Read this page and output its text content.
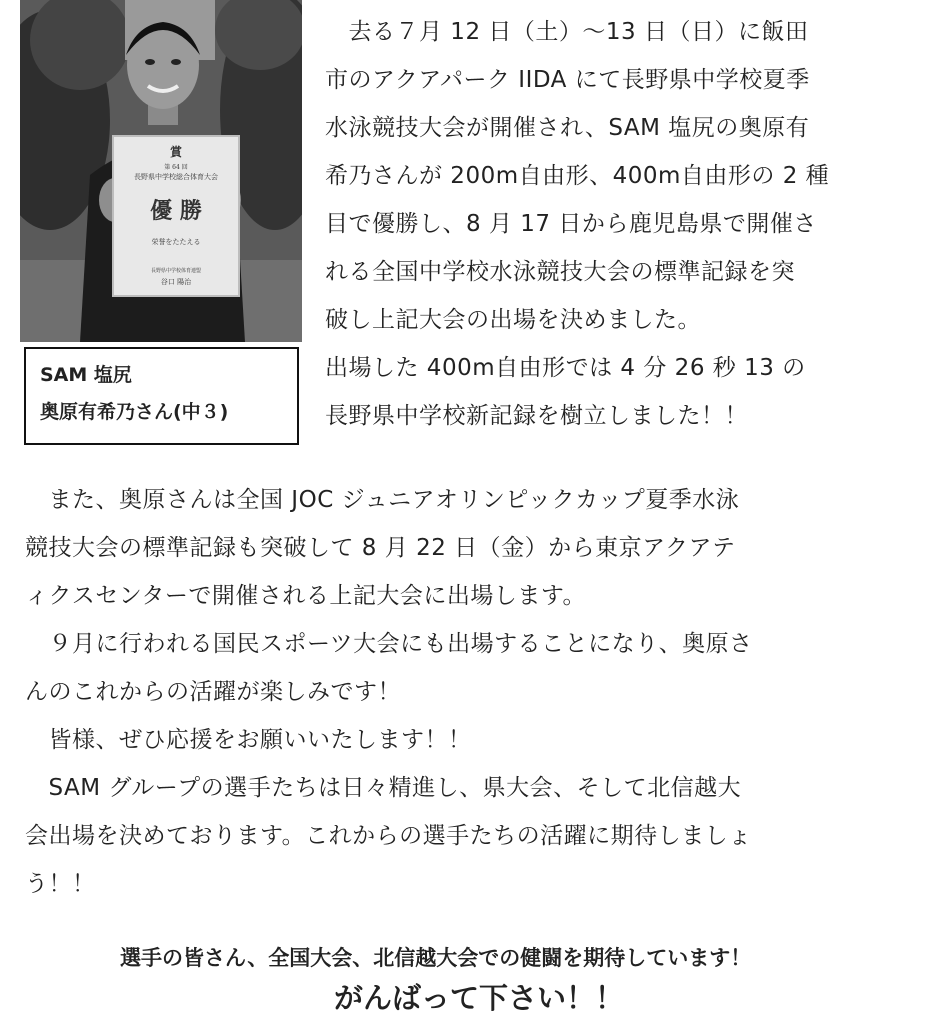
賞
第 64 回
長野県中学校総合体育大会
優 勝
栄誉をたたえる
長野県中学校体育連盟
谷口 陽治
SAM 塩尻
奥原有希乃さん(中３)
　去る７月 12 日（土）～13 日（日）に飯田
市のアクアパーク IIDA にて長野県中学校夏季
水泳競技大会が開催され、SAM 塩尻の奥原有
希乃さんが 200m自由形、400m自由形の 2 種
目で優勝し、8 月 17 日から鹿児島県で開催さ
れる全国中学校水泳競技大会の標準記録を突
破し上記大会の出場を決めました。
出場した 400m自由形では 4 分 26 秒 13 の
長野県中学校新記録を樹立しました！！
　また、奥原さんは全国 JOC ジュニアオリンピックカップ夏季水泳
競技大会の標準記録も突破して 8 月 22 日（金）から東京アクアテ
ィクスセンターで開催される上記大会に出場します。
　９月に行われる国民スポーツ大会にも出場することになり、奥原さ
んのこれからの活躍が楽しみです！
　皆様、ぜひ応援をお願いいたします！！
　SAM グループの選手たちは日々精進し、県大会、そして北信越大
会出場を決めております。これからの選手たちの活躍に期待しましょ
う！！
選手の皆さん、全国大会、北信越大会での健闘を期待しています！
がんばって下さい！！
